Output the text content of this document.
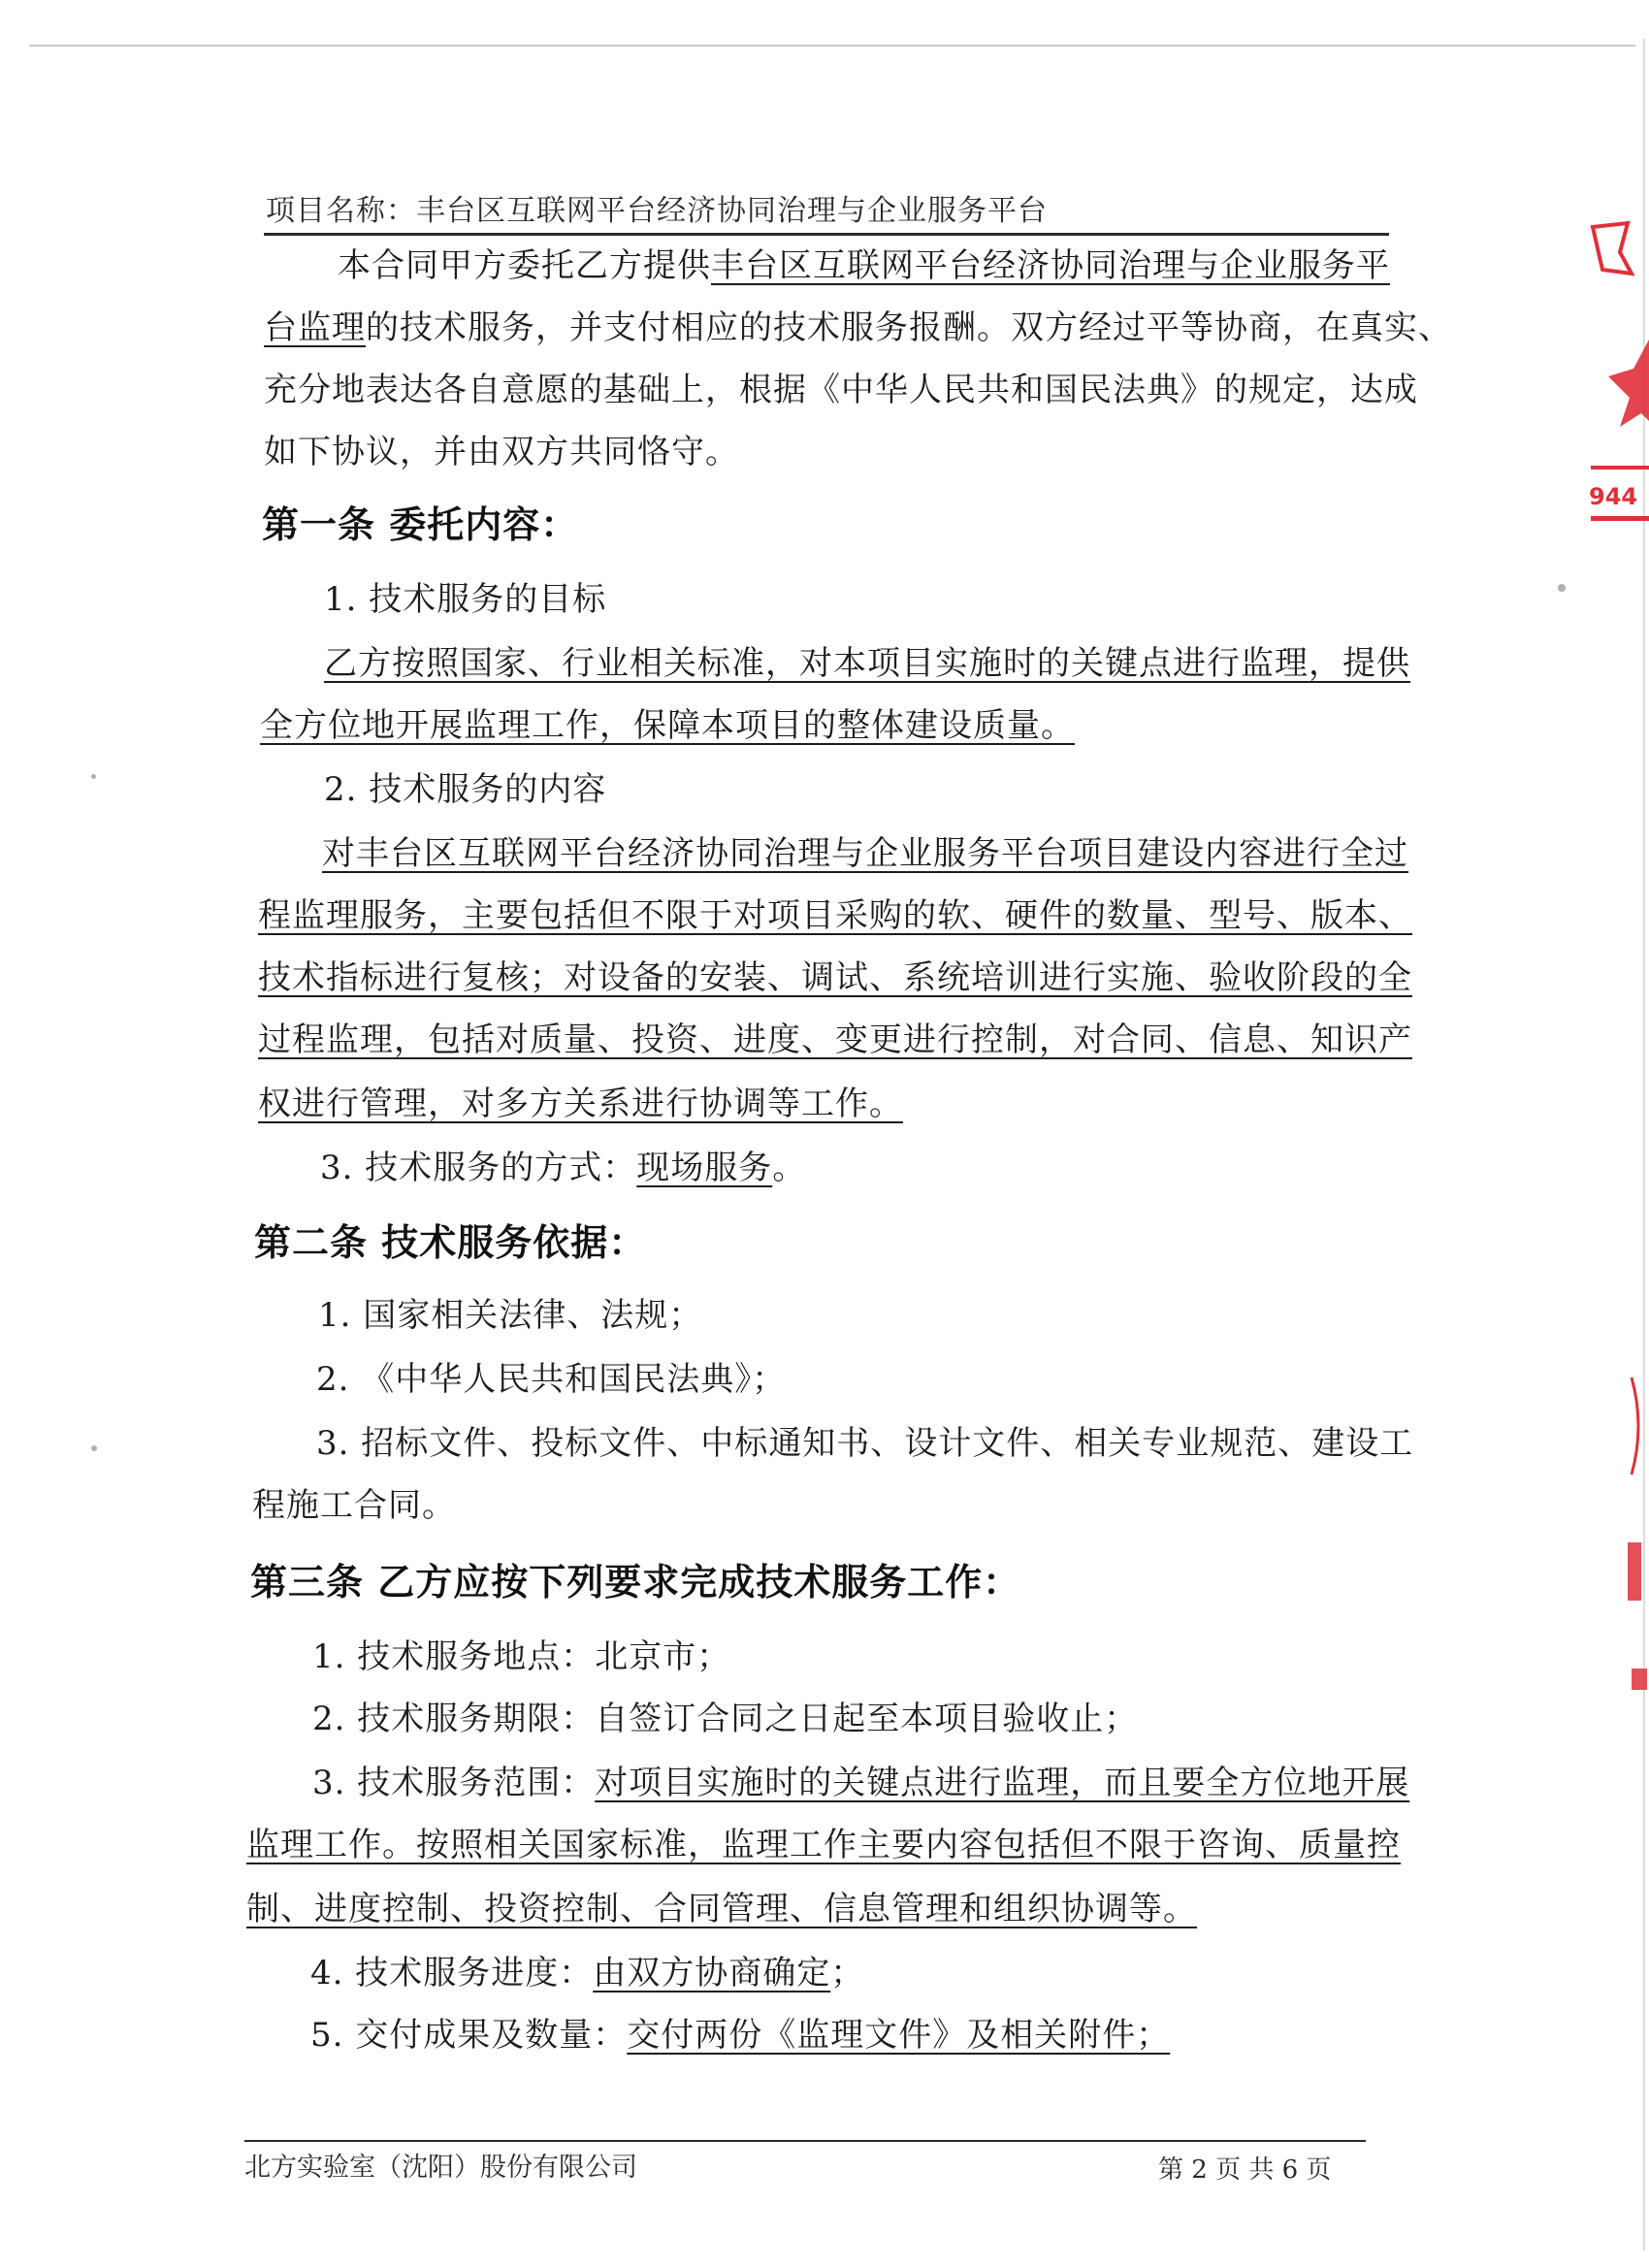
项目名称：丰台区互联网平台经济协同治理与企业服务平台
本合同甲方委托乙方提供丰台区互联网平台经济协同治理与企业服务平
台监理的技术服务，并支付相应的技术服务报酬。双方经过平等协商，在真实、
充分地表达各自意愿的基础上，根据《中华人民共和国民法典》的规定，达成
如下协议，并由双方共同恪守。
第一条 委托内容：
1. 技术服务的目标
乙方按照国家、行业相关标准，对本项目实施时的关键点进行监理，提供
全方位地开展监理工作，保障本项目的整体建设质量。
2. 技术服务的内容
对丰台区互联网平台经济协同治理与企业服务平台项目建设内容进行全过
程监理服务，主要包括但不限于对项目采购的软、硬件的数量、型号、版本、
技术指标进行复核；对设备的安装、调试、系统培训进行实施、验收阶段的全
过程监理，包括对质量、投资、进度、变更进行控制，对合同、信息、知识产
权进行管理，对多方关系进行协调等工作。
3. 技术服务的方式：现场服务。
第二条 技术服务依据：
1. 国家相关法律、法规；
2. 《中华人民共和国民法典》；
3. 招标文件、投标文件、中标通知书、设计文件、相关专业规范、建设工
程施工合同。
第三条 乙方应按下列要求完成技术服务工作：
1. 技术服务地点：北京市；
2. 技术服务期限：自签订合同之日起至本项目验收止；
3. 技术服务范围：对项目实施时的关键点进行监理，而且要全方位地开展
监理工作。按照相关国家标准，监理工作主要内容包括但不限于咨询、质量控
制、进度控制、投资控制、合同管理、信息管理和组织协调等。
4. 技术服务进度：由双方协商确定；
5. 交付成果及数量：交付两份《监理文件》及相关附件；
北方实验室（沈阳）股份有限公司	第 2 页 共 6 页
944
